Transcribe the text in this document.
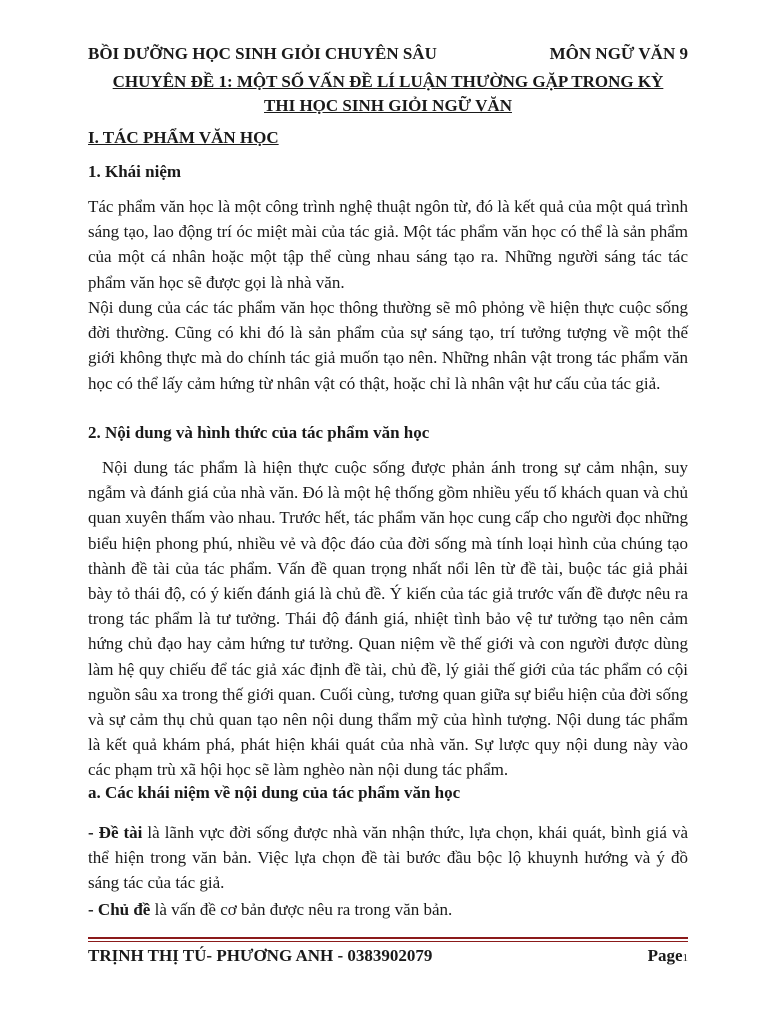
BỒI DƯỠNG HỌC SINH GIỎI CHUYÊN SÂU	MÔN NGỮ VĂN 9
CHUYÊN ĐỀ 1: MỘT SỐ VẤN ĐỀ LÍ LUẬN THƯỜNG GẶP TRONG KỲ
THI HỌC SINH GIỎI NGỮ VĂN
I. TÁC PHẨM VĂN HỌC
1. Khái niệm

Tác phẩm văn học là một công trình nghệ thuật ngôn từ, đó là kết quả của một quá trình sáng tạo, lao động trí óc miệt mài của tác giả. Một tác phẩm văn học có thể là sản phẩm của một cá nhân hoặc một tập thể cùng nhau sáng tạo ra. Những người sáng tác tác phẩm văn học sẽ được gọi là nhà văn.

Nội dung của các tác phẩm văn học thông thường sẽ mô phỏng về hiện thực cuộc sống đời thường. Cũng có khi đó là sản phẩm của sự sáng tạo, trí tưởng tượng về một thế giới không thực mà do chính tác giả muốn tạo nên. Những nhân vật trong tác phẩm văn học có thể lấy cảm hứng từ nhân vật có thật, hoặc chỉ là nhân vật hư cấu của tác giả.

2. Nội dung và hình thức của tác phẩm văn học

Nội dung tác phẩm là hiện thực cuộc sống được phản ánh trong sự cảm nhận, suy ngẫm và đánh giá của nhà văn. Đó là một hệ thống gồm nhiều yếu tố khách quan và chủ quan xuyên thấm vào nhau. Trước hết, tác phẩm văn học cung cấp cho người đọc những biểu hiện phong phú, nhiều vẻ và độc đáo của đời sống mà tính loại hình của chúng tạo thành đề tài của tác phẩm. Vấn đề quan trọng nhất nổi lên từ đề tài, buộc tác giả phải bày tỏ thái độ, có ý kiến đánh giá là chủ đề. Ý kiến của tác giả trước vấn đề được nêu ra trong tác phẩm là tư tưởng. Thái độ đánh giá, nhiệt tình bảo vệ tư tưởng tạo nên cảm hứng chủ đạo hay cảm hứng tư tưởng. Quan niệm về thế giới và con người được dùng làm hệ quy chiếu để tác giả xác định đề tài, chủ đề, lý giải thế giới của tác phẩm có cội nguồn sâu xa trong thế giới quan. Cuối cùng, tương quan giữa sự biểu hiện của đời sống và sự cảm thụ chủ quan tạo nên nội dung thẩm mỹ của hình tượng. Nội dung tác phẩm là kết quả khám phá, phát hiện khái quát của nhà văn. Sự lược quy nội dung này vào các phạm trù xã hội học sẽ làm nghèo nàn nội dung tác phẩm.

a. Các khái niệm về nội dung của tác phẩm văn học

- Đề tài là lãnh vực đời sống được nhà văn nhận thức, lựa chọn, khái quát, bình giá và thể hiện trong văn bản. Việc lựa chọn đề tài bước đầu bộc lộ khuynh hướng và ý đồ sáng tác của tác giả.

- Chủ đề là vấn đề cơ bản được nêu ra trong văn bản.

TRỊNH THỊ TÚ- PHƯƠNG ANH - 0383902079	Page1
